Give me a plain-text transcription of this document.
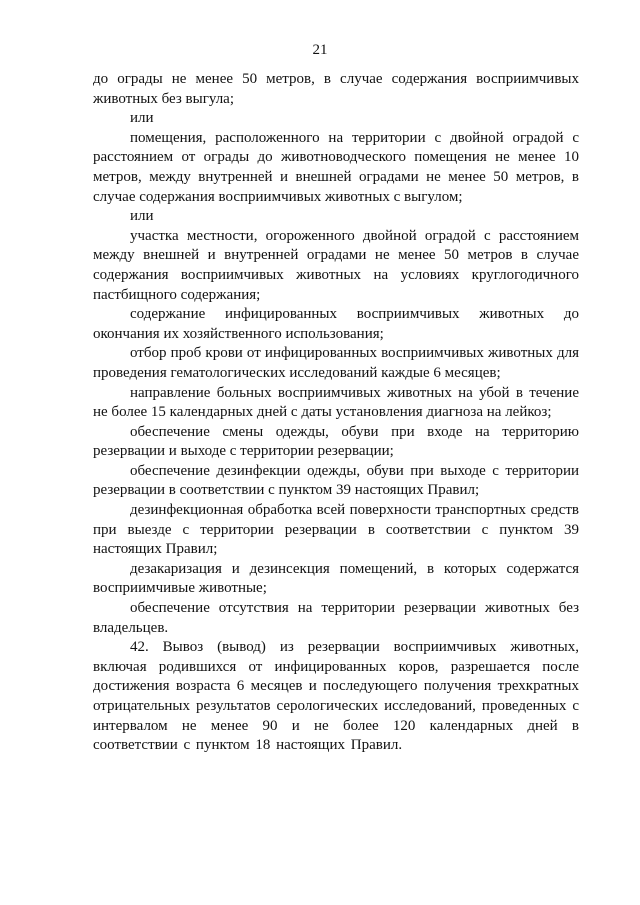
21

до ограды не менее 50 метров, в случае содержания восприимчивых животных без выгула;

или

помещения, расположенного на территории с двойной оградой с расстоянием от ограды до животноводческого помещения не менее 10 метров, между внутренней и внешней оградами не менее 50 метров, в случае содержания восприимчивых животных с выгулом;

или

участка местности, огороженного двойной оградой с расстоянием между внешней и внутренней оградами не менее 50 метров в случае содержания восприимчивых животных на условиях круглогодичного пастбищного содержания;

содержание инфицированных восприимчивых животных до окончания их хозяйственного использования;

отбор проб крови от инфицированных восприимчивых животных для проведения гематологических исследований каждые 6 месяцев;

направление больных восприимчивых животных на убой в течение не более 15 календарных дней с даты установления диагноза на лейкоз;

обеспечение смены одежды, обуви при входе на территорию резервации и выходе с территории резервации;

обеспечение дезинфекции одежды, обуви при выходе с территории резервации в соответствии с пунктом 39 настоящих Правил;

дезинфекционная обработка всей поверхности транспортных средств при выезде с территории резервации в соответствии с пунктом 39 настоящих Правил;

дезакаризация и дезинсекция помещений, в которых содержатся восприимчивые животные;

обеспечение отсутствия на территории резервации животных без владельцев.

42. Вывоз (вывод) из резервации восприимчивых животных, включая родившихся от инфицированных коров, разрешается после достижения возраста 6 месяцев и последующего получения трехкратных отрицательных результатов серологических исследований, проведенных с интервалом не менее 90 и не более 120 календарных дней в соответствии с пунктом 18 настоящих Правил.
